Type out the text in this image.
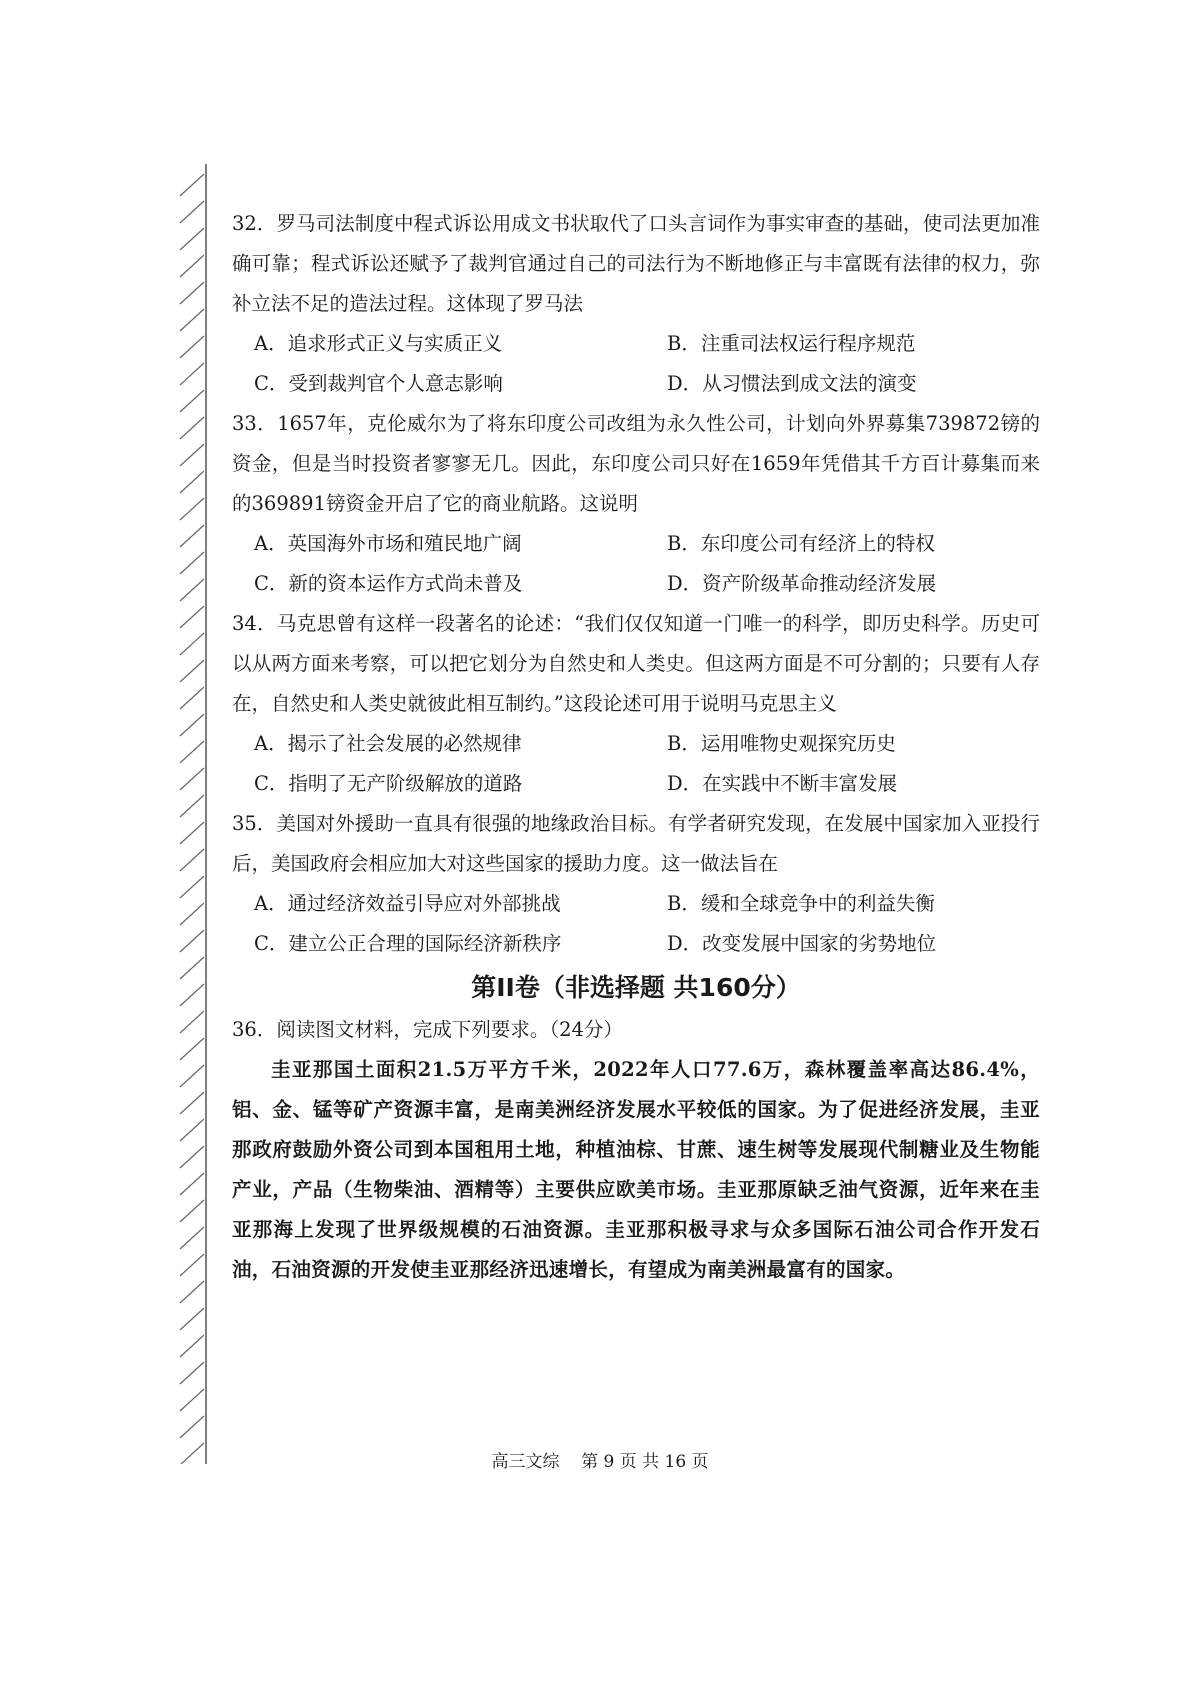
32．罗马司法制度中程式诉讼用成文书状取代了口头言词作为事实审查的基础，使司法更加准确可靠；程式诉讼还赋予了裁判官通过自己的司法行为不断地修正与丰富既有法律的权力，弥补立法不足的造法过程。这体现了罗马法

A．追求形式正义与实质正义	B．注重司法权运行程序规范
C．受到裁判官个人意志影响	D．从习惯法到成文法的演变

33．1657年，克伦威尔为了将东印度公司改组为永久性公司，计划向外界募集739872镑的资金，但是当时投资者寥寥无几。因此，东印度公司只好在1659年凭借其千方百计募集而来的369891镑资金开启了它的商业航路。这说明

A．英国海外市场和殖民地广阔	B．东印度公司有经济上的特权
C．新的资本运作方式尚未普及	D．资产阶级革命推动经济发展

34．马克思曾有这样一段著名的论述：“我们仅仅知道一门唯一的科学，即历史科学。历史可以从两方面来考察，可以把它划分为自然史和人类史。但这两方面是不可分割的；只要有人存在，自然史和人类史就彼此相互制约。”这段论述可用于说明马克思主义

A．揭示了社会发展的必然规律	B．运用唯物史观探究历史
C．指明了无产阶级解放的道路	D．在实践中不断丰富发展

35．美国对外援助一直具有很强的地缘政治目标。有学者研究发现，在发展中国家加入亚投行后，美国政府会相应加大对这些国家的援助力度。这一做法旨在

A．通过经济效益引导应对外部挑战	B．缓和全球竞争中的利益失衡
C．建立公正合理的国际经济新秩序	D．改变发展中国家的劣势地位
第II卷（非选择题 共160分）

36．阅读图文材料，完成下列要求。（24分）

圭亚那国土面积21.5万平方千米，2022年人口77.6万，森林覆盖率高达86.4%，铝、金、锰等矿产资源丰富，是南美洲经济发展水平较低的国家。为了促进经济发展，圭亚那政府鼓励外资公司到本国租用土地，种植油棕、甘蔗、速生树等发展现代制糖业及生物能产业，产品（生物柴油、酒精等）主要供应欧美市场。圭亚那原缺乏油气资源，近年来在圭亚那海上发现了世界级规模的石油资源。圭亚那积极寻求与众多国际石油公司合作开发石油，石油资源的开发使圭亚那经济迅速增长，有望成为南美洲最富有的国家。

高三文综 第 9 页 共 16 页
